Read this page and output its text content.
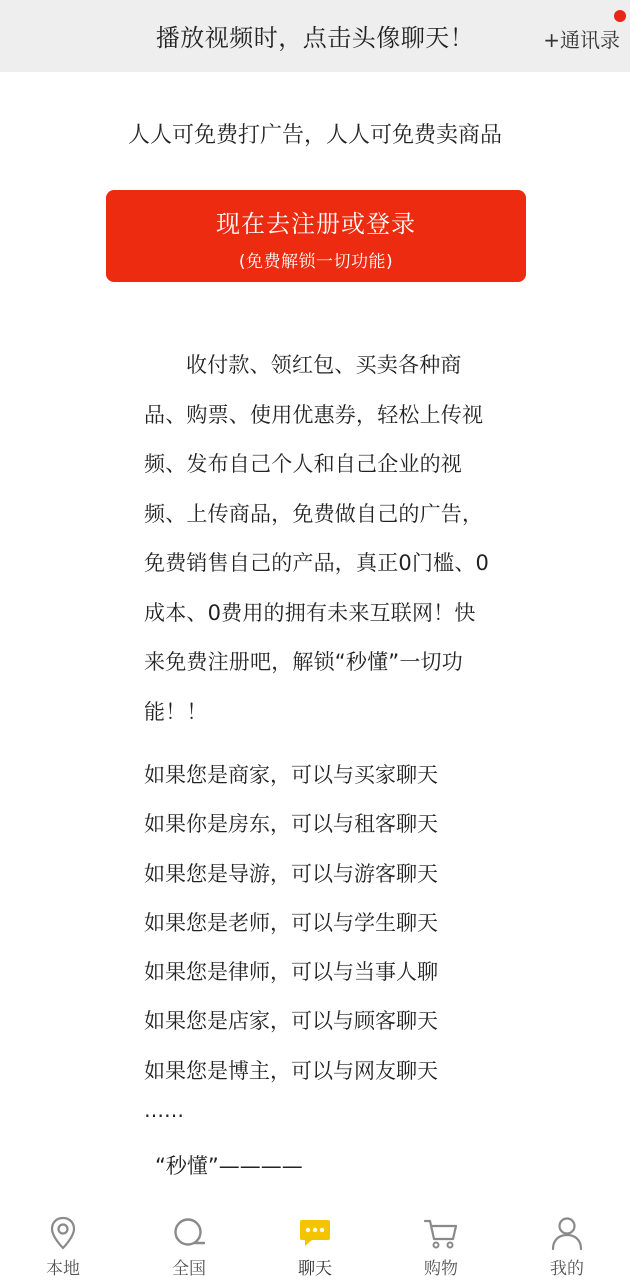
播放视频时，点击头像聊天！	+通讯录
人人可免费打广告，人人可免费卖商品
现在去注册或登录
(免费解锁一切功能)

收付款、领红包、买卖各种商品、购票、使用优惠券，轻松上传视频、发布自己个人和自己企业的视频、上传商品，免费做自己的广告，免费销售自己的产品，真正0门槛、0成本、0费用的拥有未来互联网！快来免费注册吧，解锁“秒懂”一切功能！！

如果您是商家，可以与买家聊天
如果你是房东，可以与租客聊天
如果您是导游，可以与游客聊天
如果您是老师，可以与学生聊天
如果您是律师，可以与当事人聊
如果您是店家，可以与顾客聊天
如果您是博主，可以与网友聊天
……
“秒懂”————
本地	全国	聊天	购物	我的
